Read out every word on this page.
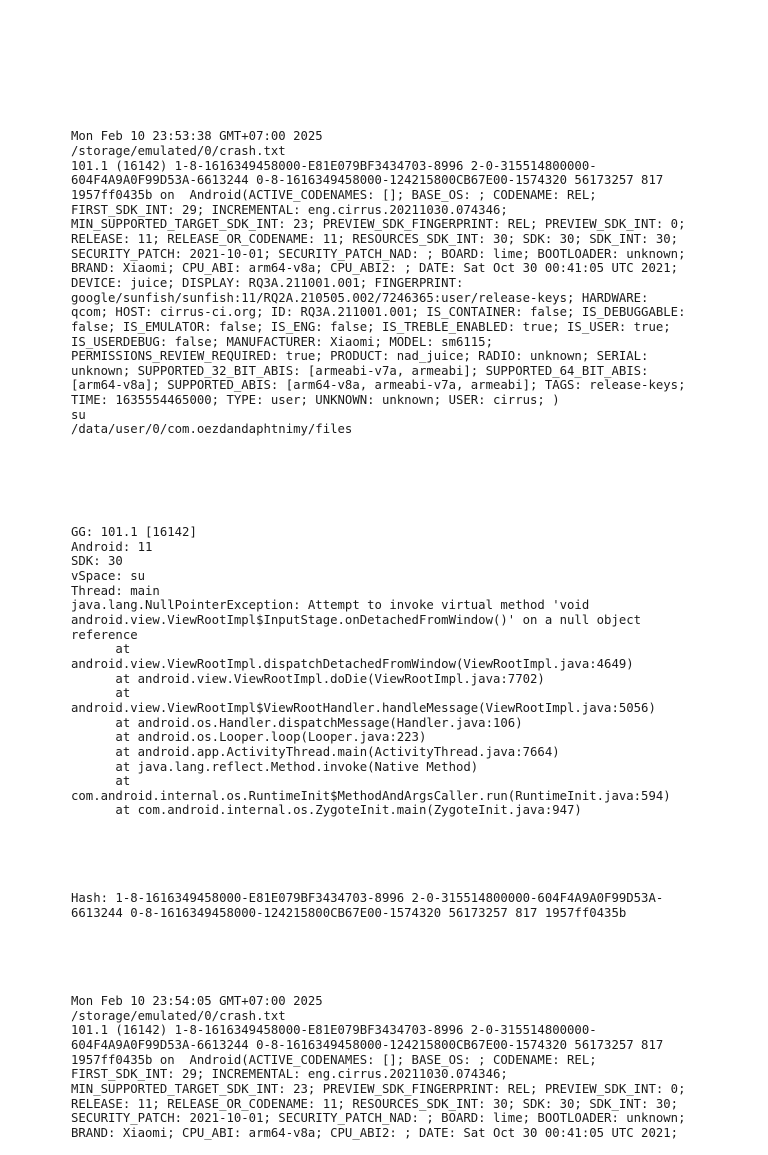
Mon Feb 10 23:53:38 GMT+07:00 2025
/storage/emulated/0/crash.txt
101.1 (16142) 1-8-1616349458000-E81E079BF3434703-8996 2-0-315514800000-
604F4A9A0F99D53A-6613244 0-8-1616349458000-124215800CB67E00-1574320 56173257 817
1957ff0435b on  Android(ACTIVE_CODENAMES: []; BASE_OS: ; CODENAME: REL;
FIRST_SDK_INT: 29; INCREMENTAL: eng.cirrus.20211030.074346;
MIN_SUPPORTED_TARGET_SDK_INT: 23; PREVIEW_SDK_FINGERPRINT: REL; PREVIEW_SDK_INT: 0;
RELEASE: 11; RELEASE_OR_CODENAME: 11; RESOURCES_SDK_INT: 30; SDK: 30; SDK_INT: 30;
SECURITY_PATCH: 2021-10-01; SECURITY_PATCH_NAD: ; BOARD: lime; BOOTLOADER: unknown;
BRAND: Xiaomi; CPU_ABI: arm64-v8a; CPU_ABI2: ; DATE: Sat Oct 30 00:41:05 UTC 2021;
DEVICE: juice; DISPLAY: RQ3A.211001.001; FINGERPRINT:
google/sunfish/sunfish:11/RQ2A.210505.002/7246365:user/release-keys; HARDWARE:
qcom; HOST: cirrus-ci.org; ID: RQ3A.211001.001; IS_CONTAINER: false; IS_DEBUGGABLE:
false; IS_EMULATOR: false; IS_ENG: false; IS_TREBLE_ENABLED: true; IS_USER: true;
IS_USERDEBUG: false; MANUFACTURER: Xiaomi; MODEL: sm6115;
PERMISSIONS_REVIEW_REQUIRED: true; PRODUCT: nad_juice; RADIO: unknown; SERIAL:
unknown; SUPPORTED_32_BIT_ABIS: [armeabi-v7a, armeabi]; SUPPORTED_64_BIT_ABIS:
[arm64-v8a]; SUPPORTED_ABIS: [arm64-v8a, armeabi-v7a, armeabi]; TAGS: release-keys;
TIME: 1635554465000; TYPE: user; UNKNOWN: unknown; USER: cirrus; )
su
/data/user/0/com.oezdandaphtnimy/files

GG: 101.1 [16142]
Android: 11
SDK: 30
vSpace: su
Thread: main
java.lang.NullPointerException: Attempt to invoke virtual method 'void
android.view.ViewRootImpl$InputStage.onDetachedFromWindow()' on a null object
reference
at
android.view.ViewRootImpl.dispatchDetachedFromWindow(ViewRootImpl.java:4649)
at android.view.ViewRootImpl.doDie(ViewRootImpl.java:7702)
at
android.view.ViewRootImpl$ViewRootHandler.handleMessage(ViewRootImpl.java:5056)
at android.os.Handler.dispatchMessage(Handler.java:106)
at android.os.Looper.loop(Looper.java:223)
at android.app.ActivityThread.main(ActivityThread.java:7664)
at java.lang.reflect.Method.invoke(Native Method)
at
com.android.internal.os.RuntimeInit$MethodAndArgsCaller.run(RuntimeInit.java:594)
at com.android.internal.os.ZygoteInit.main(ZygoteInit.java:947)

Hash: 1-8-1616349458000-E81E079BF3434703-8996 2-0-315514800000-604F4A9A0F99D53A-
6613244 0-8-1616349458000-124215800CB67E00-1574320 56173257 817 1957ff0435b

Mon Feb 10 23:54:05 GMT+07:00 2025
/storage/emulated/0/crash.txt
101.1 (16142) 1-8-1616349458000-E81E079BF3434703-8996 2-0-315514800000-
604F4A9A0F99D53A-6613244 0-8-1616349458000-124215800CB67E00-1574320 56173257 817
1957ff0435b on  Android(ACTIVE_CODENAMES: []; BASE_OS: ; CODENAME: REL;
FIRST_SDK_INT: 29; INCREMENTAL: eng.cirrus.20211030.074346;
MIN_SUPPORTED_TARGET_SDK_INT: 23; PREVIEW_SDK_FINGERPRINT: REL; PREVIEW_SDK_INT: 0;
RELEASE: 11; RELEASE_OR_CODENAME: 11; RESOURCES_SDK_INT: 30; SDK: 30; SDK_INT: 30;
SECURITY_PATCH: 2021-10-01; SECURITY_PATCH_NAD: ; BOARD: lime; BOOTLOADER: unknown;
BRAND: Xiaomi; CPU_ABI: arm64-v8a; CPU_ABI2: ; DATE: Sat Oct 30 00:41:05 UTC 2021;
